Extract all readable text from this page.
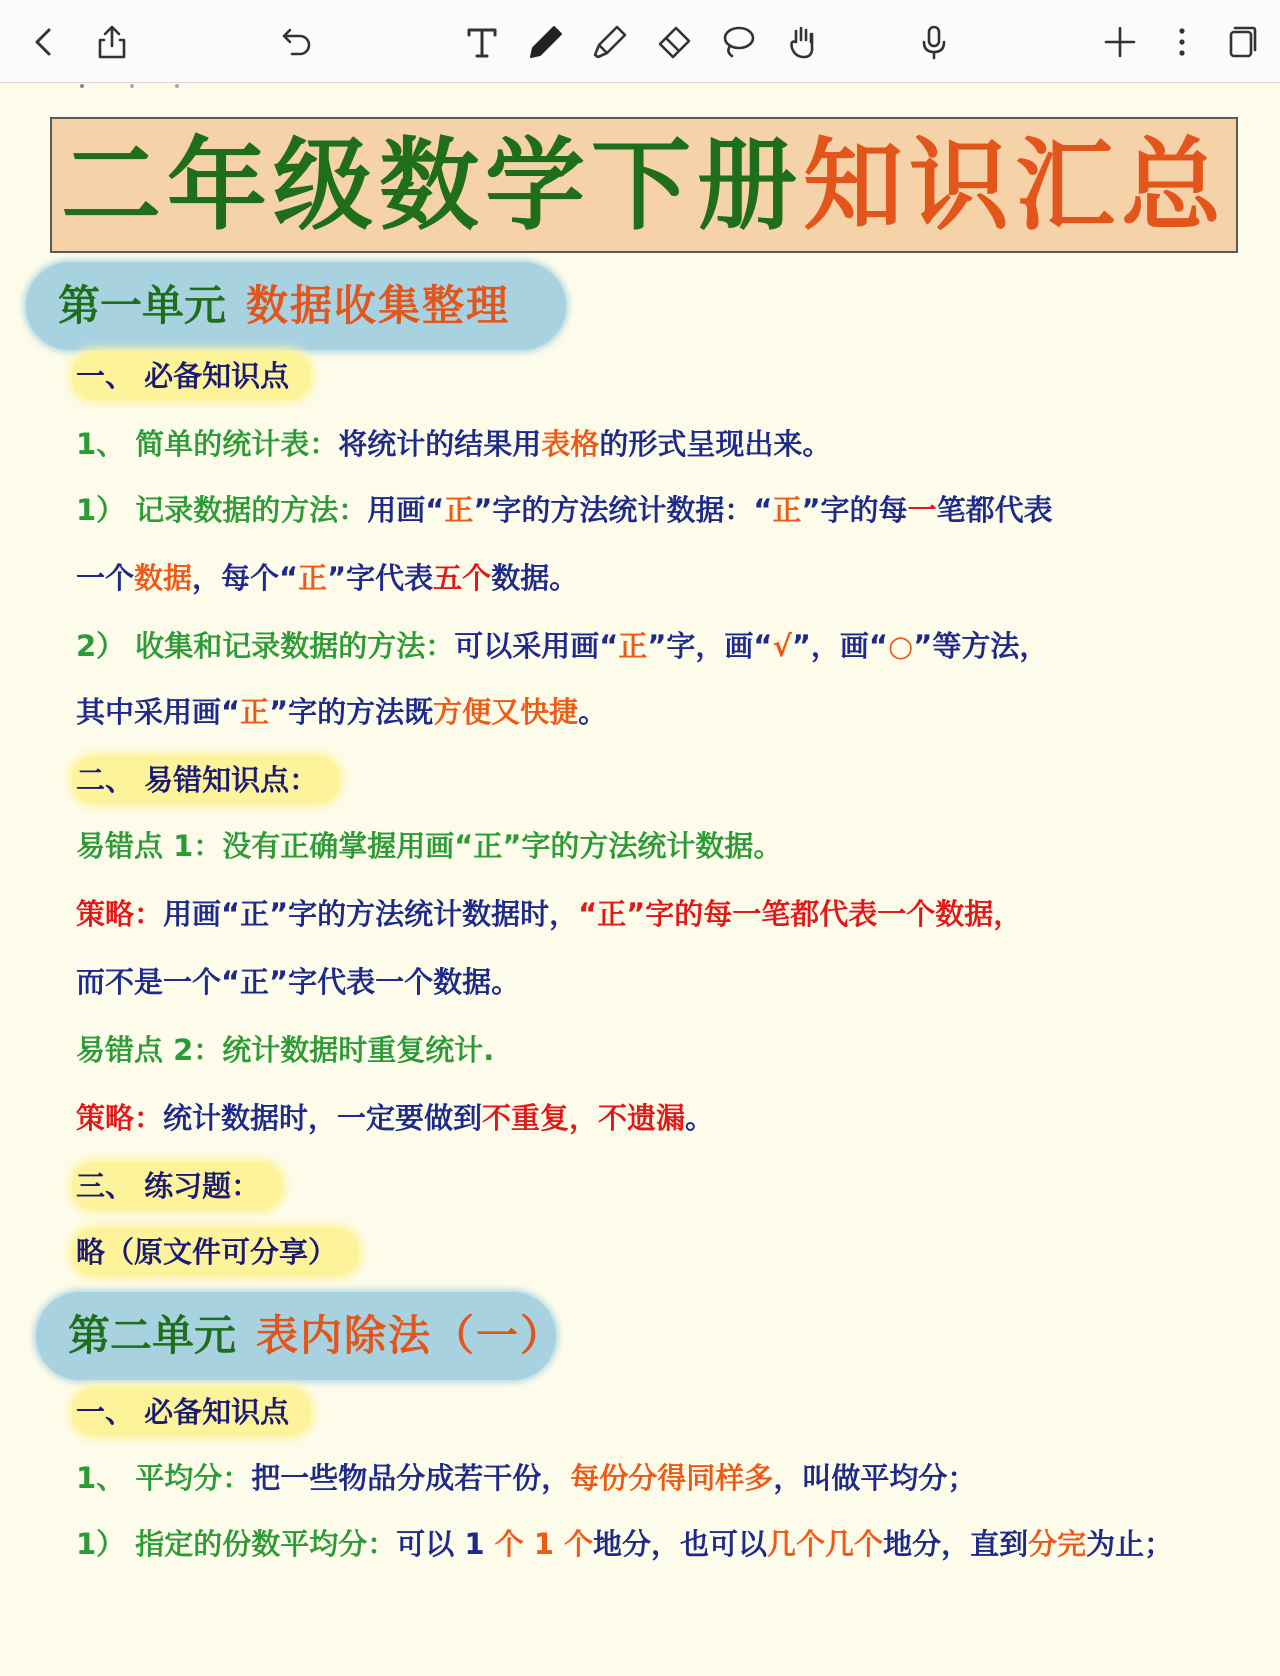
二年级数学下册知识汇总
第一单元 数据收集整理
一、 必备知识点
1、 简单的统计表：将统计的结果用表格的形式呈现出来。
1） 记录数据的方法：用画“正”字的方法统计数据：“正”字的每一笔都代表
一个数据，每个“正”字代表五个数据。
2） 收集和记录数据的方法：可以采用画“正”字，画“√”，画“○”等方法，
其中采用画“正”字的方法既方便又快捷。
二、 易错知识点：
易错点 1：没有正确掌握用画“正”字的方法统计数据。
策略：用画“正”字的方法统计数据时，“正”字的每一笔都代表一个数据，
而不是一个“正”字代表一个数据。
易错点 2：统计数据时重复统计.
策略：统计数据时，一定要做到不重复，不遗漏。
三、 练习题：
略（原文件可分享）
第二单元 表内除法（一）
一、 必备知识点
1、 平均分：把一些物品分成若干份，每份分得同样多，叫做平均分；
1） 指定的份数平均分：可以 1 个 1 个地分，也可以几个几个地分，直到分完为止；
